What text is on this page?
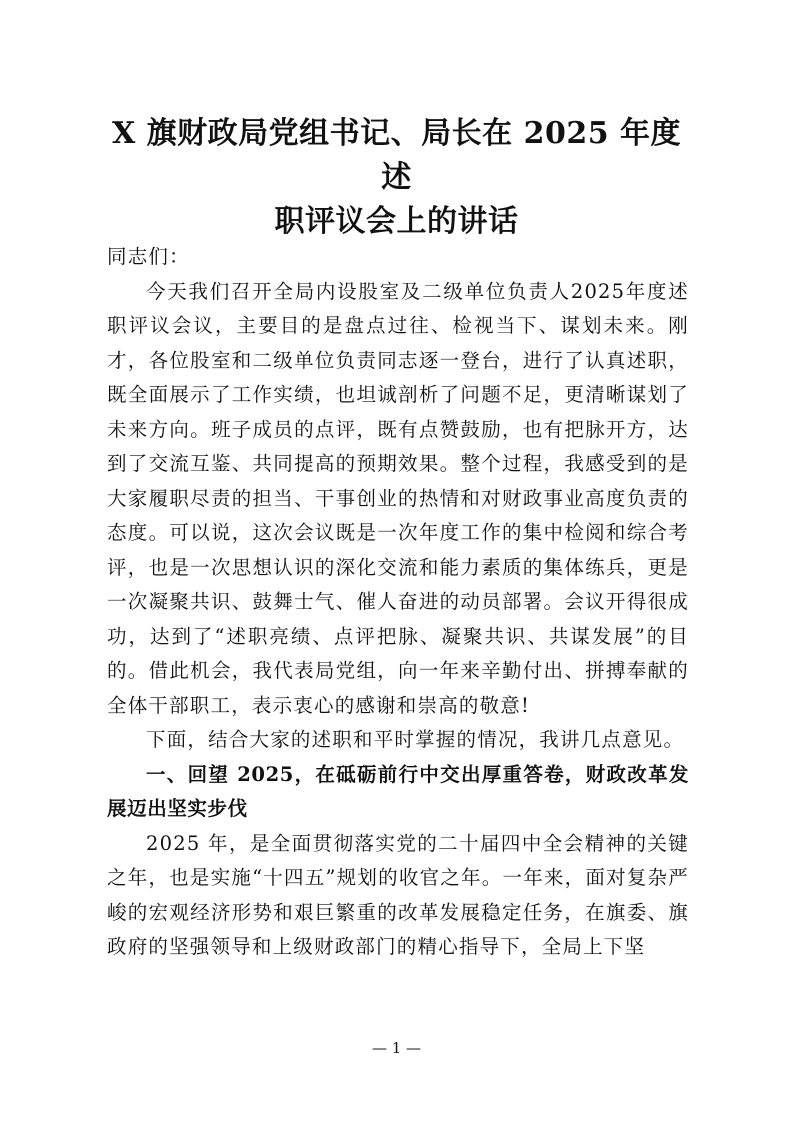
X 旗财政局党组书记、局长在 2025 年度述
职评议会上的讲话

同志们：

今天我们召开全局内设股室及二级单位负责人2025年度述职评议会议，主要目的是盘点过往、检视当下、谋划未来。刚才，各位股室和二级单位负责同志逐一登台，进行了认真述职，既全面展示了工作实绩，也坦诚剖析了问题不足，更清晰谋划了未来方向。班子成员的点评，既有点赞鼓励，也有把脉开方，达到了交流互鉴、共同提高的预期效果。整个过程，我感受到的是大家履职尽责的担当、干事创业的热情和对财政事业高度负责的态度。可以说，这次会议既是一次年度工作的集中检阅和综合考评，也是一次思想认识的深化交流和能力素质的集体练兵，更是一次凝聚共识、鼓舞士气、催人奋进的动员部署。会议开得很成功，达到了“述职亮绩、点评把脉、凝聚共识、共谋发展”的目的。借此机会，我代表局党组，向一年来辛勤付出、拼搏奉献的全体干部职工，表示衷心的感谢和崇高的敬意!

下面，结合大家的述职和平时掌握的情况，我讲几点意见。

一、回望 2025，在砥砺前行中交出厚重答卷，财政改革发展迈出坚实步伐

2025 年，是全面贯彻落实党的二十届四中全会精神的关键之年，也是实施“十四五”规划的收官之年。一年来，面对复杂严峻的宏观经济形势和艰巨繁重的改革发展稳定任务，在旗委、旗政府的坚强领导和上级财政部门的精心指导下，全局上下坚

— 1 —
